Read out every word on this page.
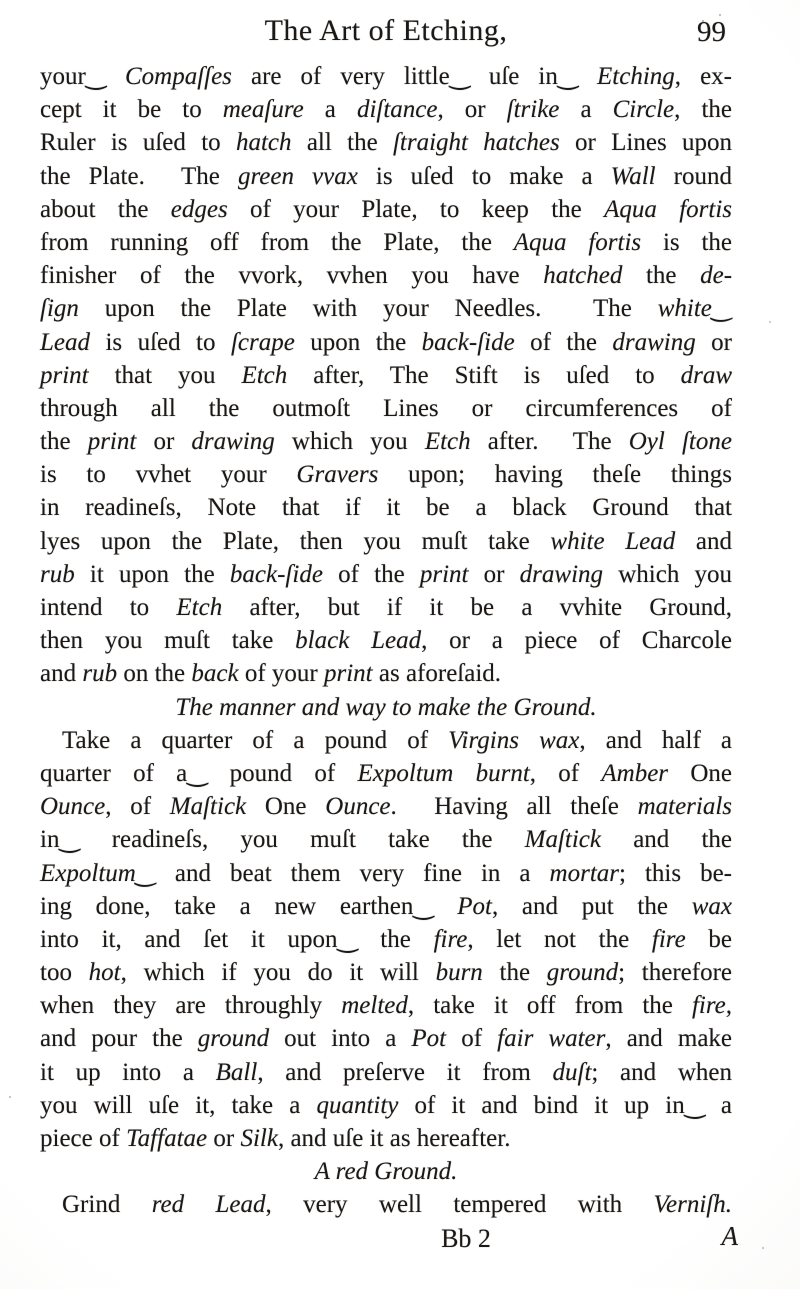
The Art of Etching,	99
your‿ Compaſſes are of very little‿ uſe in‿ Etching, ex-
cept it be to meaſure a diſtance, or ſtrike a Circle, the
Ruler is uſed to hatch all the ſtraight hatches or Lines upon
the Plate.  The green vvax is uſed to make a Wall round
about the edges of your Plate, to keep the Aqua fortis
from running off from the Plate, the Aqua fortis is the
finisher of the vvork, vvhen you have hatched the de-
ſign upon the Plate with your Needles.  The white‿
Lead is uſed to ſcrape upon the back-ſide of the drawing or
print that you Etch after, The Stift is uſed to draw
through all the outmoſt Lines or circumferences of
the print or drawing which you Etch after.  The Oyl ſtone
is to vvhet your Gravers upon; having theſe things
in readineſs, Note that if it be a black Ground that
lyes upon the Plate, then you muſt take white Lead and
rub it upon the back-ſide of the print or drawing which you
intend to Etch after, but if it be a vvhite Ground,
then you muſt take black Lead, or a piece of Charcole
and rub on the back of your print as aforeſaid.
The manner and way to make the Ground.
Take a quarter of a pound of Virgins wax, and half a
quarter of a‿ pound of Expoltum burnt, of Amber One
Ounce, of Maſtick One Ounce.  Having all theſe materials
in‿ readineſs, you muſt take the Maſtick and the
Expoltum‿ and beat them very fine in a mortar; this be-
ing done, take a new earthen‿ Pot, and put the wax
into it, and ſet it upon‿ the fire, let not the fire be
too hot, which if you do it will burn the ground; therefore
when they are throughly melted, take it off from the fire,
and pour the ground out into a Pot of fair water, and make
it up into a Ball, and preſerve it from duſt; and when
you will uſe it, take a quantity of it and bind it up in‿ a
piece of Taffatae or Silk, and uſe it as hereafter.
A red Ground.
Grind red Lead, very well tempered with Verniſh.
Bb 2	A
